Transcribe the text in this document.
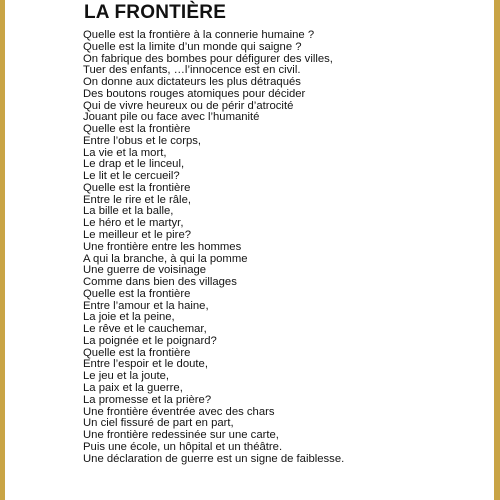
LA FRONTIÈRE
Quelle est la frontière à la connerie humaine ?
Quelle est la limite d’un monde qui saigne ?
On fabrique des bombes pour défigurer des villes,
Tuer des enfants, …l’innocence est en civil.
On donne aux dictateurs les plus détraqués
Des boutons rouges atomiques pour décider
Qui de vivre heureux ou de périr d’atrocité
Jouant pile ou face avec l’humanité
Quelle est la frontière
Entre l’obus et le corps,
La vie et la mort,
Le drap et le linceul,
Le lit et le cercueil?
Quelle est la frontière
Entre le rire et le râle,
La bille et la balle,
Le héro et le martyr,
Le meilleur et le pire?
Une frontière entre les hommes
A qui la branche, à qui la pomme
Une guerre de voisinage
Comme dans bien des villages
Quelle est la frontière
Entre l’amour et la haine,
La joie et la peine,
Le rêve et le cauchemar,
La poignée et le poignard?
Quelle est la frontière
Entre l’espoir et le doute,
Le jeu et la joute,
La paix et la guerre,
La promesse et la prière?
Une frontière éventrée avec des chars
Un ciel fissuré de part en part,
Une frontière redessinée sur une carte,
Puis une école, un hôpital et un théâtre.
Une déclaration de guerre est un signe de faiblesse.
